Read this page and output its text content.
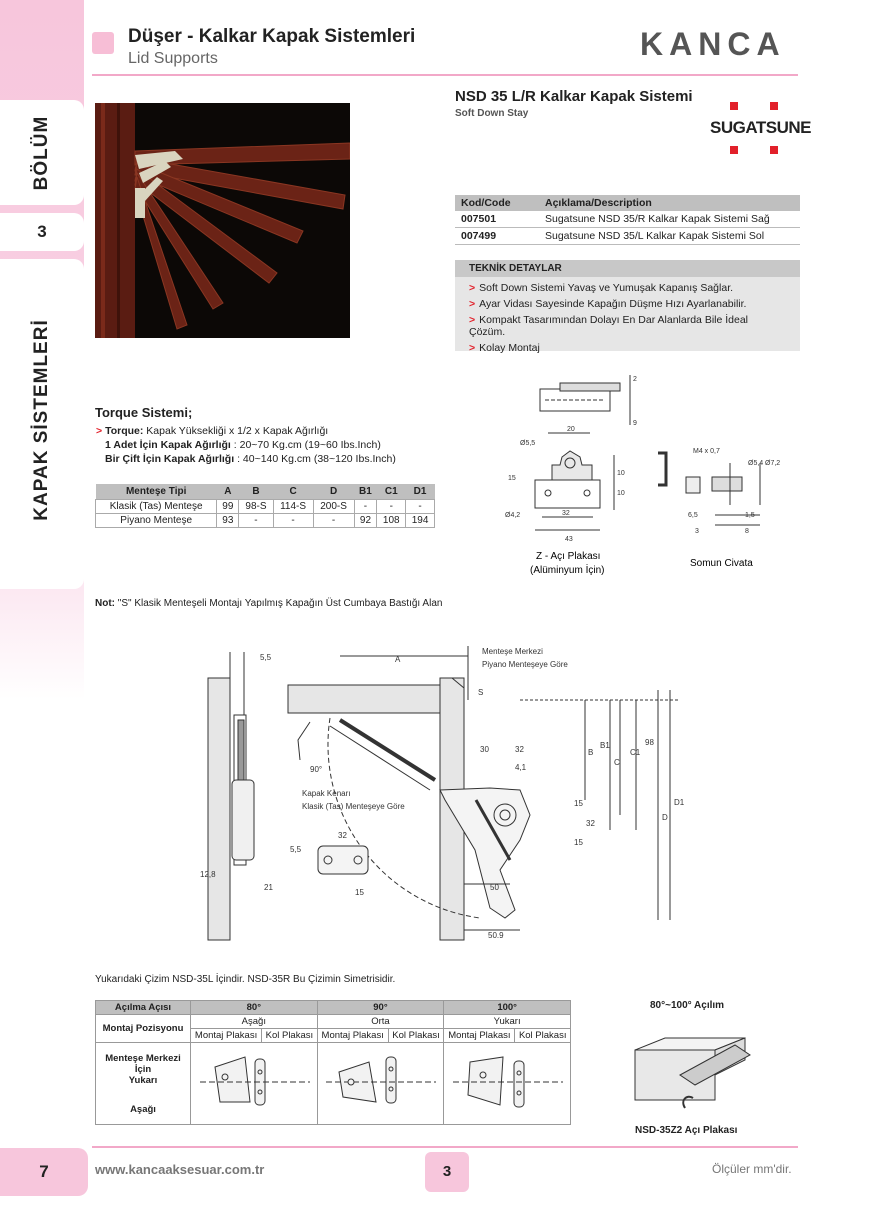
BÖLÜM
3
KAPAK SİSTEMLERİ
Düşer - Kalkar Kapak Sistemleri
Lid Supports	KANCA
NSD 35 L/R Kalkar Kapak Sistemi
Soft Down Stay
SUGATSUNE
Kod/Code	Açıklama/Description
007501	Sugatsune NSD 35/R Kalkar Kapak Sistemi Sağ
007499	Sugatsune NSD 35/L Kalkar Kapak Sistemi Sol
TEKNİK DETAYLAR
> Soft Down Sistemi Yavaş ve Yumuşak Kapanış Sağlar.
> Ayar Vidası Sayesinde Kapağın Düşme Hızı Ayarlanabilir.
> Kompakt Tasarımından Dolayı En Dar Alanlarda Bile İdeal Çözüm.
> Kolay Montaj
20
9
2
Ø5,5
15
10
10
Ø4,2	32
43
M4 x 0,7
Ø5,4 Ø7,2
6,5	1,5
3	8
Z - Açı Plakası
(Alüminyum İçin)
Somun Civata
Torque Sistemi;
> Torque: Kapak Yüksekliği x 1/2 x Kapak Ağırlığı
1 Adet İçin Kapak Ağırlığı : 20~70 Kg.cm (19~60 Ibs.Inch)
Bir Çift İçin Kapak Ağırlığı : 40~140 Kg.cm (38~120 Ibs.Inch)
Menteşe Tipi	A	B	C	D	B1	C1	D1
Klasik (Tas) Menteşe	99	98-S	114-S	200-S	-	-	-
Piyano Menteşe	93	-	-	-	92	108	194
Not: "S" Klasik Menteşeli Montajı Yapılmış Kapağın Üst Cumbaya Bastığı Alan
5,5	A
Menteşe Merkezi
Piyano Menteşeye Göre
S
90°
Kapak Kenarı
Klasik (Tas) Menteşeye Göre
30	32
4,1
B
B1
C
C1
98
D
D1
15
32
15
5,5
32
12,8
21
15
50
50.9
Yukarıdaki Çizim NSD-35L İçindir. NSD-35R Bu Çizimin Simetrisidir.
Açılma Açısı	80°		90°		100°	
Montaj Pozisyonu	Aşağı		Orta		Yukarı	
	Montaj Plakası	Kol Plakası	Montaj Plakası	Kol Plakası	Montaj Plakası	Kol Plakası

Menteşe Merkezi İçin
Yukarı
Aşağı

80°~100° Açılım
NSD-35Z2 Açı Plakası
7	www.kancaaksesuar.com.tr	3	Ölçüler mm'dir.
